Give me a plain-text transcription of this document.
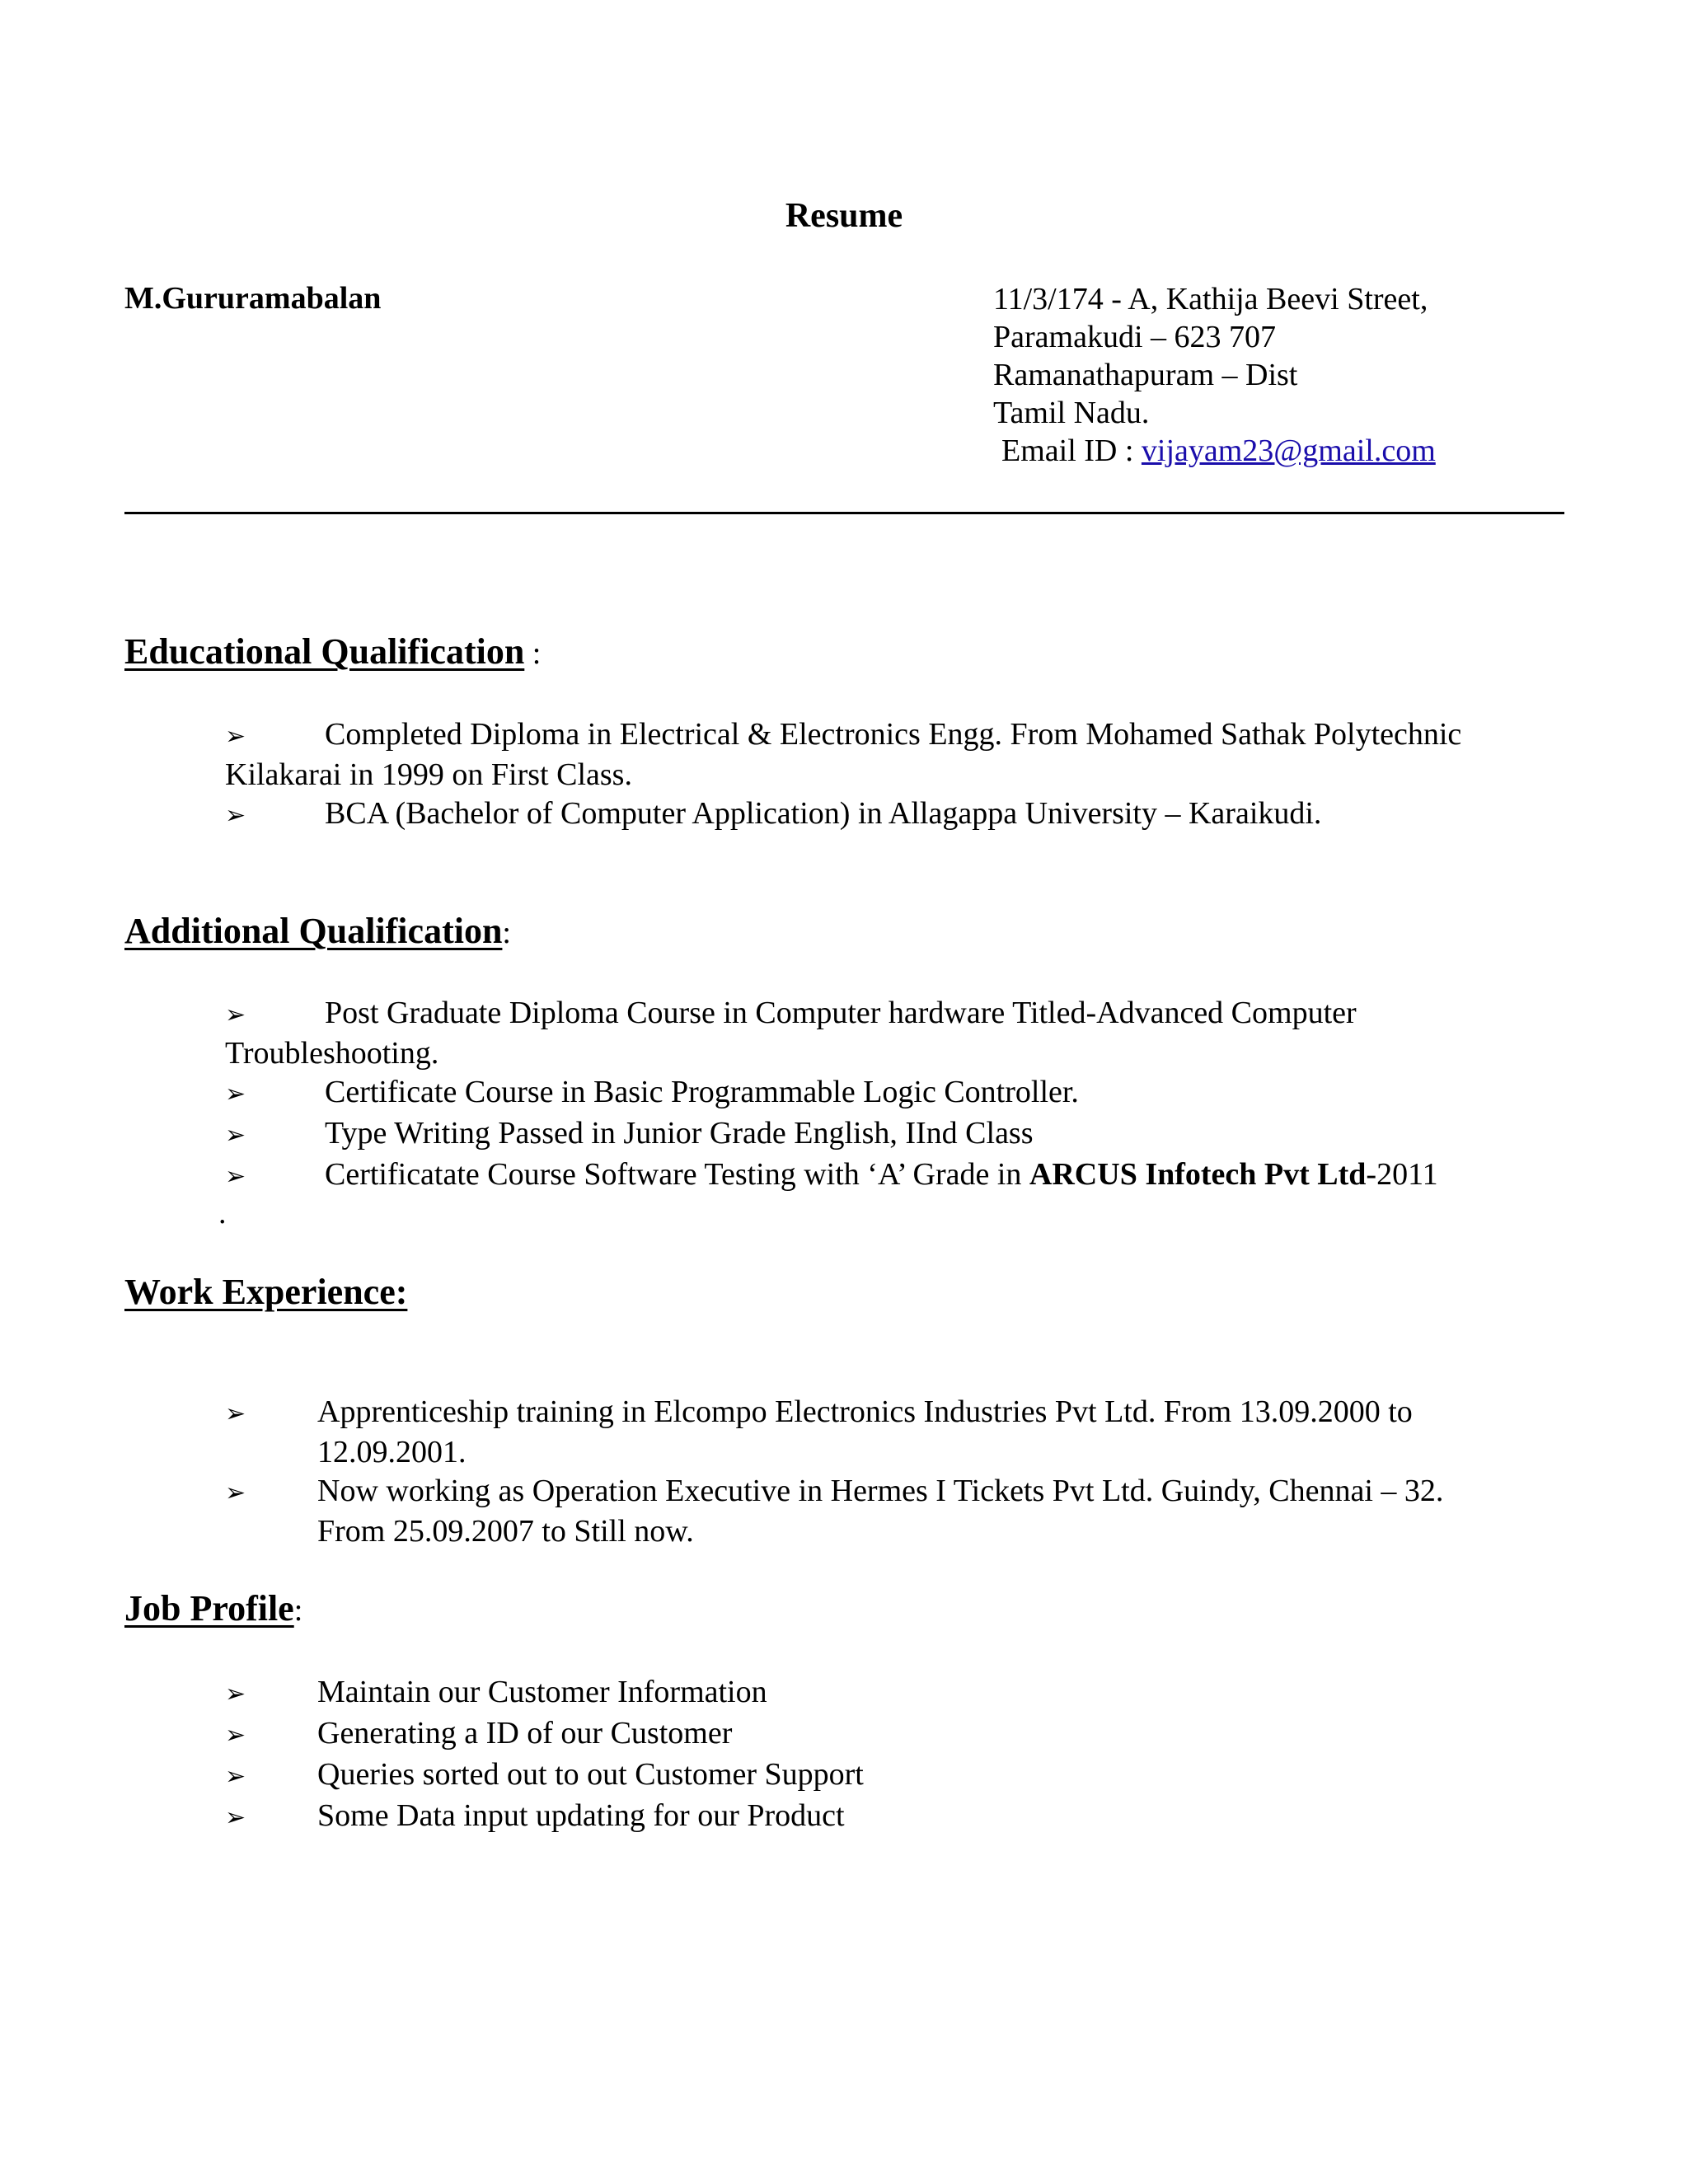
Resume
M.Gururamabalan	11/3/174 - A, Kathija Beevi Street,
Paramakudi – 623 707
Ramanathapuram – Dist
Tamil Nadu.
Email ID : vijayam23@gmail.com
Educational Qualification :
➢	Completed Diploma in Electrical & Electronics Engg. From Mohamed Sathak Polytechnic
Kilakarai in 1999 on First Class.
➢	BCA (Bachelor of Computer Application) in Allagappa University – Karaikudi.
Additional Qualification:
➢	Post Graduate Diploma Course in Computer hardware Titled-Advanced Computer
Troubleshooting.
➢	Certificate Course in Basic Programmable Logic Controller.
➢	Type Writing Passed in Junior Grade English, IInd Class
➢	Certificatate Course Software Testing with ‘A’ Grade in ARCUS Infotech Pvt Ltd-2011
.
Work Experience:
➢ Apprenticeship training in Elcompo Electronics Industries Pvt Ltd. From 13.09.2000 to
12.09.2001.
➢ Now working as Operation Executive in Hermes I Tickets Pvt Ltd. Guindy, Chennai – 32.
From 25.09.2007 to Still now.
Job Profile:
➢ Maintain our Customer Information
➢ Generating a ID of our Customer
➢ Queries sorted out to out Customer Support
➢ Some Data input updating for our Product
